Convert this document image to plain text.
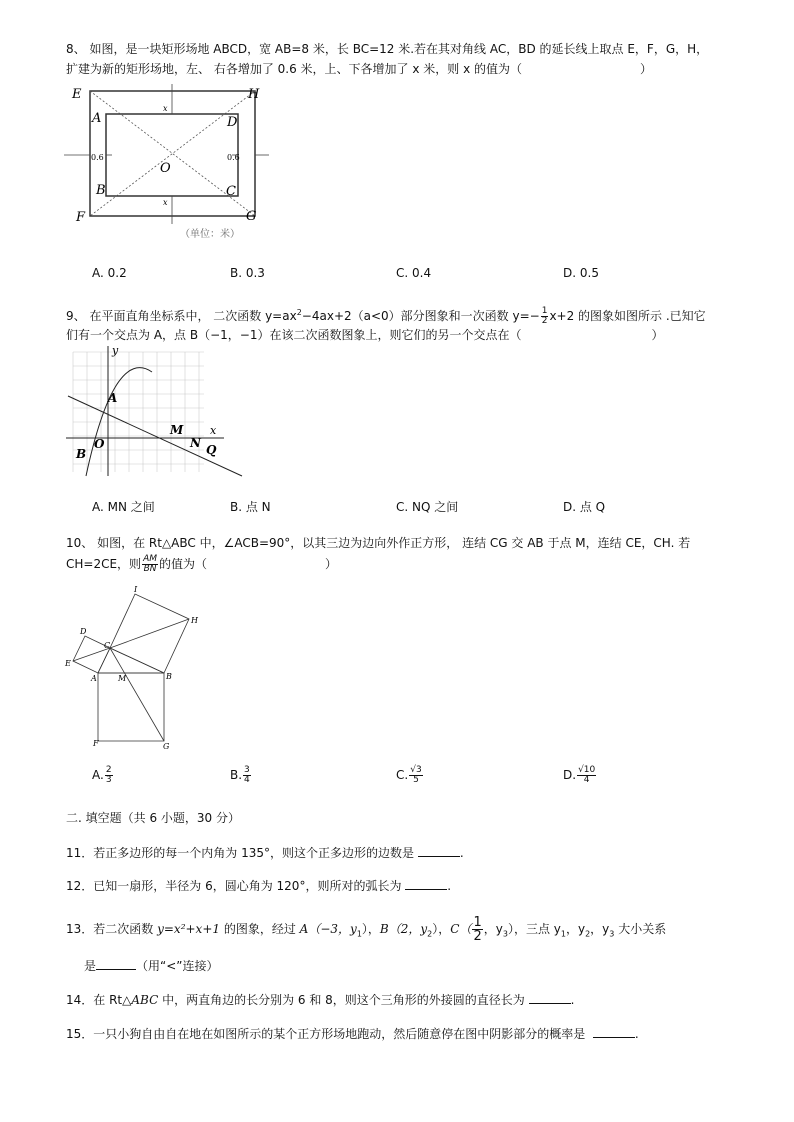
8、 如图，是一块矩形场地 ABCD，宽 AB=8 米，长 BC=12 米.若在其对角线 AC，BD 的延长线上取点 E，F，G，H，
扩建为新的矩形场地，左、 右各增加了 0.6 米，上、下各增加了 x 米，则 x 的值为（	）
E	H
A	D
B	C
F	G
O
x
x
0.6	0.6
（单位：米）
A. 0.2	B. 0.3	C. 0.4	D. 0.5
9、 在平面直角坐标系中， 二次函数 $y=ax^2-4ax+2(a<0)$部分图象和一次函数 $y=- \frac{1}{2} x+2$ 的图象如图所示 .已知它
们有一个交点为 A，点 B（−1，−1）在该二次函数图象上，则它们的另一个交点在（	）
y
x
A
O
M
N Q
B
A. MN 之间	B. 点 N	C. NQ 之间	D. 点 Q
10、 如图，在 Rt△ABC 中，∠ACB=90°，以其三边为边向外作正方形， 连结 CG 交 AB 于点 M，连结 CE，CH. 若
CH=2CE，则 $\frac{AM}{BN}$ 的值为（	）
I
H
D
C
E
A	M	B
F	G
A. $\frac{2}{3}$	B. $\frac{3}{4}$	C. $\frac{√3}{5}$	D. $\frac{√10}{4}$
二. 填空题（共 6 小题，30 分）
11．若正多边形的每一个内角为 135°，则这个正多边形的边数是	.
12．已知一扇形，半径为 6，圆心角为 120°，则所对的弧长为	.
13．若二次函数 y=x²+x+1 的图象，经过 A（−3，$y_1$），B（2，$y_2$），$C( \frac{1}{2}$ ，$y_3$），三点 $y_1$，$y_2$，$y_3$ 大小关系
是	（用“<”连接）
14．在 Rt△ABC 中，两直角边的长分别为 6 和 8，则这个三角形的外接圆的直径长为	.
15．一只小狗自由自在地在如图所示的某个正方形场地跑动，然后随意停在图中阴影部分的概率是	.
